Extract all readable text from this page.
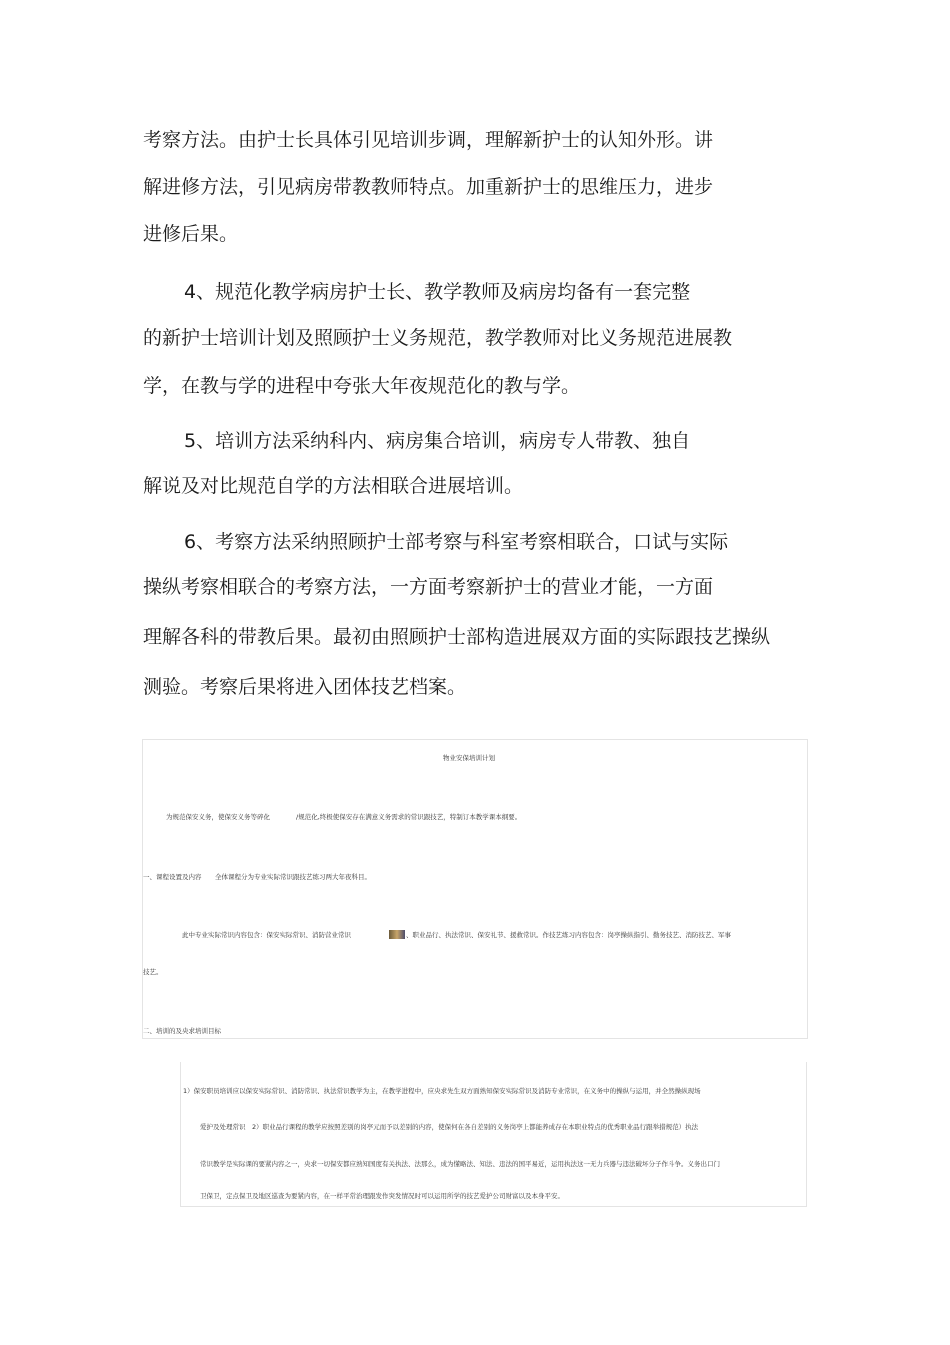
考察方法。由护士长具体引见培训步调，理解新护士的认知外形。讲
解进修方法，引见病房带教教师特点。加重新护士的思维压力，进步
进修后果。
4、规范化教学病房护士长、教学教师及病房均备有一套完整
的新护士培训计划及照顾护士义务规范，教学教师对比义务规范进展教
学，在教与学的进程中夸张大年夜规范化的教与学。
5、培训方法采纳科内、病房集合培训，病房专人带教、独自
解说及对比规范自学的方法相联合进展培训。
6、考察方法采纳照顾护士部考察与科室考察相联合，口试与实际
操纵考察相联合的考察方法，一方面考察新护士的营业才能，一方面
理解各科的带教后果。最初由照顾护士部构造进展双方面的实际跟技艺操纵
测验。考察后果将进入团体技艺档案。
物业安保培训计划
为规范保安义务，使保安义务等碎化	/规范化,终极使保安存在满意义务需求的常识跟技艺，特制订本教学课本纲要。
一、课程设置及内容 全体课程分为专业实际常识跟技艺练习两大年夜科目。
此中专业实际常识内容包含：保安实际常识、消防营业常识	、职业品行、执法常识、保安礼节、援救常识。作技艺练习内容包含：岗亭操纵指引、勤务技艺、消防技艺、军事
技艺。
二、培训的及央求培训目标
1）保安职员培训应以保安实际常识、消防常识、执法常识教学为主，在教学进程中，应央求先生双方面熟知保安实际常识及消防专业常识，在义务中的操纵与运用，并全然操纵现场
爱护及处理常识　2）职业品行课程的教学应按照差别的岗亭元而予以差别的内容，使保何在各自差别的义务岗亭上都能养成存在本职业特点的优秀职业品行跟举措规范）执法
常识教学是实际课的要紧内容之一，央求一切保安都应熟知国度有关执法、法那么，成为懂略法、知法、违法的国平易近，运用执法这一无力兵器与违法破坏分子作斗争。义务出口门
卫保卫，定点保卫及地区巡查为要紧内容，在一样平常治理跟发作突发情况时可以运用所学的技艺爱护公司财富以及本身平安。
